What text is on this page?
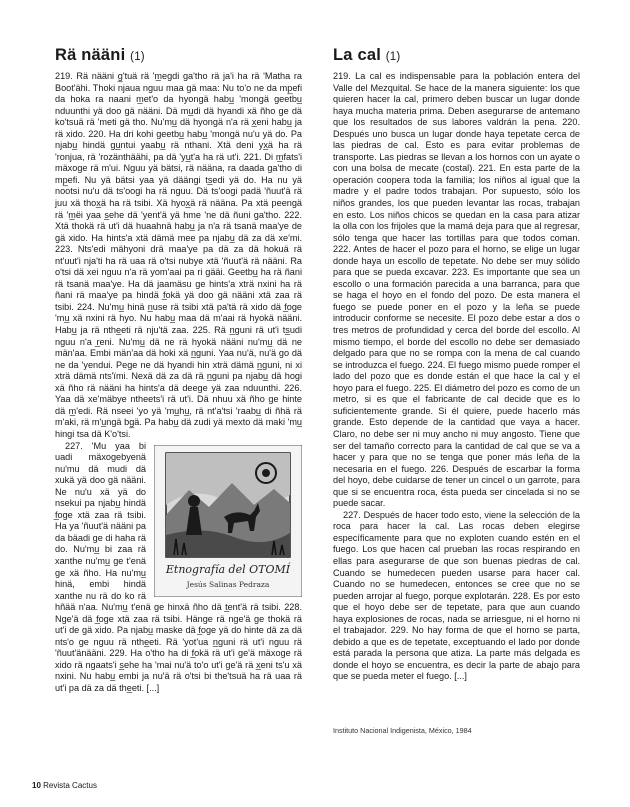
Rä nääni (1)

219. Rä nääni g̲'tuä rä 'm̲egdi ga'tho rä ja'i ha rä 'Matha ra Boot'ähi. Thoki njaua nguu maa gä maa: Nu to'o ne da mp̲efi da hoka ra naani m̲et'o da hyongä habu̲ 'mongä geetbu̲ nduunthi yä doo gä nääni. Dä mu̲di dä hyandi xä ñho ge dä ko'tsuä rä 'meti gä tho. Nu'mu̲ dä hyongä n'a rä x̲eni habu̲ ja rä xido. 220. Ha dri kohi geetbu̲ habu̲ 'mongä nu'u yä do. Pa njabu̲ hindä gu̲ntui yaabu̲ rä nthani. Xtä deni yx̲ä ha rä 'ronjua, rä 'rozänthäähi, pa dä 'yu̲t'a ha rä ut'i. 221. Di m̲fats'i mäxoge rä m'ui. Nguu yä bätsi, rä nääna, ra daada ga'tho di mp̲efi. Nu yä bätsi yaa yä däängi ts̲edi yä do. Ha nu yä nootsi nu'u dä ts'oogi ha rä nguu. Dä ts'oogi padä 'ñuut'ä rä juu xä thox̲ä ha rä tsibi. Xä hyox̲ä rä nääna. Pa xtä peengä rä 'm̲ëi yaa s̲ehe dä 'yent'ä yä hme 'ne dä ñuni ga'tho. 222. Xtä thokä rä ut'i dä huaahnä habu̲ ja n'a rä tsanä maa'ye de gä xido. Ha hints'a xtä dämä mee pa njabu̲ dä za dä xe'mi. 223. Nts'edi mähyoni drä maa'ye pa dä za dä hokuä rä nt'uut'i nja'ti ha rä uaa rä o'tsi nubye xtä 'ñuut'ä rä nääni. Ra o'tsi dä xei nguu n'a rä yom'aai pa ri gääi. Geetbu̲ ha rä ñani rä tsanä maa'ye. Ha dä jaamäsu ge hints'a xträ nxini ha rä ñani rä maa'ye pa hindä f̲okä yä doo gä nääni xtä zaa rä tsibi. 224. Nu'mu̲ hinä n̲use rä tsibi xtä pa'tä rä xido dä f̲oge 'mu̲ xä nxini rä hyo. Nu habu̲ maa dä m'aai rä hyokä nääni. Habu̲ ja rä nthe̲eti rä nju'tä zaa. 225. Rä n̲guni rä ut'i ts̲udi nguu n'a r̲eni. Nu'mu̲ dä ne rä hyokä nääni nu'mu̲ dä ne män'aa. Embi män'aa dä hoki xä n̲guni. Yaa nu'ä, nu'ä go dä ne da 'yendui. Pege ne dä hyandi hin xträ dämä n̲guni, ni xi xträ dämä nts'ïmi. Nexä dä za dä rä n̲guni pa njabu̲ dä hogi xä ñho rä nääni ha hints'a dä deege yä zaa nduunthi. 226. Yaa dä xe'mäbye ntheets'i rä ut'i. Dä nhuu xä ñho ge hinte dä m̲'edi. Rä nseei 'yo yä 'mu̲hu̲, rä nt'a'tsi 'raabu̲ di ñhä rä m'aki, rä m'u̲ngä bg̲ä. Pa habu̲ dä zudi yä mexto dä maki 'mu̲ hingi tsa dä K'o'tsi.

Etnografía del OTOMÍ
Jesús Salinas Pedraza

227. 'Mu yaa bi uadi mäxogebyenä nu'mu dä mudi dä xukä yä doo gä nääni. Ne nu'u xä yä do nsekui pa njabu̲ hindä f̲oge xtä zaa rä tsibi. Ha ya 'ñuut'ä nääni pa da bäadi ge di haha rä do. Nu'mu̲ bi zaa rä xanthe nu'mu̲ ge t'enä ge xä ñho. Ha nu'mu̲ hinä, embi hindä xanthe nu rä do ko rä hñää n'aa. Nu'mu̲ t'enä ge hinxä ñho dä t̲ent'ä rä tsibi. 228. Nge'ä dä f̲oge xtä zaa rä tsibi. Hänge rä nge'ä ge thokä rä ut'i de gä xido. Pa njabu̲ maske dä f̲oge yä do hinte dä za dä nts'o ge nguu rä nthe̲eti. Rä 'yot'ua n̲guni rä ut'i nguu rä 'ñuut'änääni. 229. Ha o'tho ha di f̲okä rä ut'i ge'ä mäxoge rä xido rä ngaats'i s̲ehe ha 'mai nu'ä to'o ut'i ge'ä rä x̲eni ts'u xä nxini. Nu habu̲ embi ja nu'ä rä o'tsi bi the'tsuä ha rä uaa rä ut'i pa dä za dä the̲eti. [...]

La cal (1)

219. La cal es indispensable para la población entera del Valle del Mezquital. Se hace de la manera siguiente: los que quieren hacer la cal, primero deben buscar un lugar donde haya mucha materia prima. Deben asegurarse de antemano que los resultados de sus labores valdrán la pena. 220. Después uno busca un lugar donde haya tepetate cerca de las piedras de cal. Esto es para evitar problemas de transporte. Las piedras se llevan a los hornos con un ayate o con una bolsa de mecate (costal). 221. En esta parte de la operación coopera toda la familia; los niños al igual que la madre y el padre todos trabajan. Por supuesto, sólo los niños grandes, los que pueden levantar las rocas, trabajan en esto. Los niños chicos se quedan en la casa para atizar la olla con los frijoles que la mamá deja para que al regresar, sólo tenga que hacer las tortillas para que todos coman. 222. Antes de hacer el pozo para el horno, se elige un lugar donde haya un escollo de tepetate. No debe ser muy sólido para que se pueda excavar. 223. Es importante que sea un escollo o una formación parecida a una barranca, para que se haga el hoyo en el fondo del pozo. De esta manera el fuego se puede poner en el pozo y la leña se puede introducir conforme se necesite. El pozo debe estar a dos o tres metros de profundidad y cerca del borde del escollo. Al mismo tiempo, el borde del escollo no debe ser demasiado delgado para que no se rompa con la mena de cal cuando se introduzca el fuego. 224. El fuego mismo puede romper el lado del pozo que es donde están el que hace la cal y el hoyo para el fuego. 225. El diámetro del pozo es como de un metro, si es que el fabricante de cal decide que es lo suficientemente grande. Si él quiere, puede hacerlo más grande. Esto depende de la cantidad que vaya a hacer. Claro, no debe ser ni muy ancho ni muy angosto. Tiene que ser del tamaño correcto para la cantidad de cal que se va a hacer y para que no se tenga que poner más leña de la necesaria en el fuego. 226. Después de escarbar la forma del hoyo, debe cuidarse de tener un cincel o un garrote, para que si se encuentra roca, ésta pueda ser cincelada si no se puede sacar.

227. Después de hacer todo esto, viene la selección de la roca para hacer la cal. Las rocas deben elegirse específicamente para que no exploten cuando estén en el fuego. Los que hacen cal prueban las rocas respirando en ellas para asegurarse de que son buenas piedras de cal. Cuando se humedecen pueden usarse para hacer cal. Cuando no se humedecen, entonces se cree que no se pueden arrojar al fuego, porque explotarán. 228. Es por esto que el hoyo debe ser de tepetate, para que aun cuando haya explosiones de rocas, nada se arriesgue, ni el horno ni el trabajador. 229. No hay forma de que el horno se parta, debido a que es de tepetate, exceptuando el lado por donde está parada la persona que atiza. La parte más delgada es donde el hoyo se encuentra, es decir la parte de abajo para que se pueda meter el fuego. [...]

Instituto Nacional Indigenista, México, 1984
10 Revista Cactus
